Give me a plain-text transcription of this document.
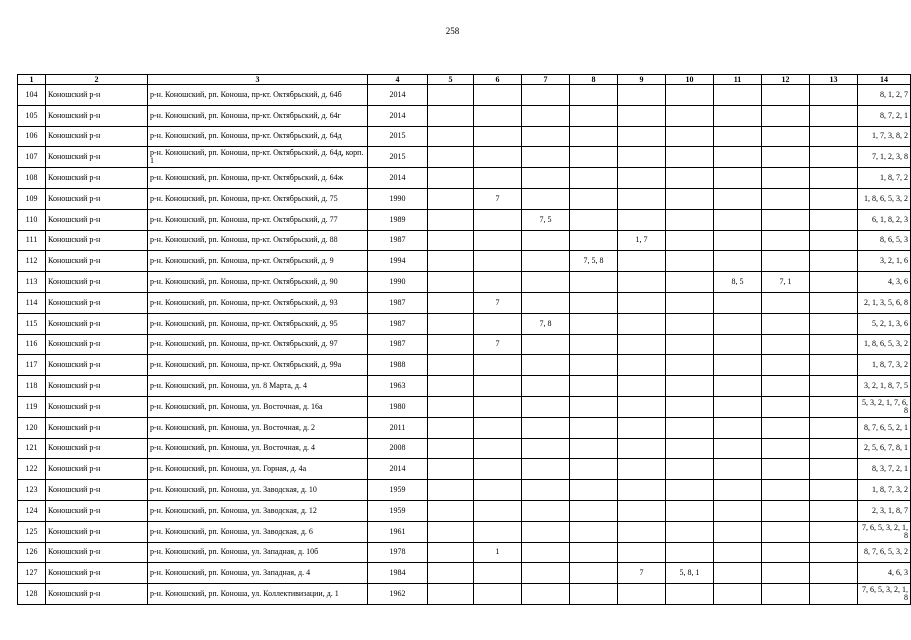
258
1	2	3	4	5	6	7	8	9	10	11	12	13	14
104	Коношский р-н	р-н. Коношский, рп. Коноша, пр-кт. Октябрьский, д. 64б	2014										8, 1, 2, 7
105	Коношский р-н	р-н. Коношский, рп. Коноша, пр-кт. Октябрьский, д. 64г	2014										8, 7, 2, 1
106	Коношский р-н	р-н. Коношский, рп. Коноша, пр-кт. Октябрьский, д. 64д	2015										1, 7, 3, 8, 2
107	Коношский р-н	р-н. Коношский, рп. Коноша, пр-кт. Октябрьский, д. 64д, корп. 1	2015										7, 1, 2, 3, 8
108	Коношский р-н	р-н. Коношский, рп. Коноша, пр-кт. Октябрьский, д. 64ж	2014										1, 8, 7, 2
109	Коношский р-н	р-н. Коношский, рп. Коноша, пр-кт. Октябрьский, д. 75	1990		7								1, 8, 6, 5, 3, 2
110	Коношский р-н	р-н. Коношский, рп. Коноша, пр-кт. Октябрьский, д. 77	1989			7, 5							6, 1, 8, 2, 3
111	Коношский р-н	р-н. Коношский, рп. Коноша, пр-кт. Октябрьский, д. 88	1987					1, 7					8, 6, 5, 3
112	Коношский р-н	р-н. Коношский, рп. Коноша, пр-кт. Октябрьский, д. 9	1994				7, 5, 8						3, 2, 1, 6
113	Коношский р-н	р-н. Коношский, рп. Коноша, пр-кт. Октябрьский, д. 90	1990							8, 5	7, 1		4, 3, 6
114	Коношский р-н	р-н. Коношский, рп. Коноша, пр-кт. Октябрьский, д. 93	1987		7								2, 1, 3, 5, 6, 8
115	Коношский р-н	р-н. Коношский, рп. Коноша, пр-кт. Октябрьский, д. 95	1987			7, 8							5, 2, 1, 3, 6
116	Коношский р-н	р-н. Коношский, рп. Коноша, пр-кт. Октябрьский, д. 97	1987		7								1, 8, 6, 5, 3, 2
117	Коношский р-н	р-н. Коношский, рп. Коноша, пр-кт. Октябрьский, д. 99а	1988										1, 8, 7, 3, 2
118	Коношский р-н	р-н. Коношский, рп. Коноша, ул. 8 Марта, д. 4	1963										3, 2, 1, 8, 7, 5
119	Коношский р-н	р-н. Коношский, рп. Коноша, ул. Восточная, д. 16а	1980										5, 3, 2, 1, 7, 6, 8
120	Коношский р-н	р-н. Коношский, рп. Коноша, ул. Восточная, д. 2	2011										8, 7, 6, 5, 2, 1
121	Коношский р-н	р-н. Коношский, рп. Коноша, ул. Восточная, д. 4	2008										2, 5, 6, 7, 8, 1
122	Коношский р-н	р-н. Коношский, рп. Коноша, ул. Горная, д. 4а	2014										8, 3, 7, 2, 1
123	Коношский р-н	р-н. Коношский, рп. Коноша, ул. Заводская, д. 10	1959										1, 8, 7, 3, 2
124	Коношский р-н	р-н. Коношский, рп. Коноша, ул. Заводская, д. 12	1959										2, 3, 1, 8, 7
125	Коношский р-н	р-н. Коношский, рп. Коноша, ул. Заводская, д. 6	1961										7, 6, 5, 3, 2, 1, 8
126	Коношский р-н	р-н. Коношский, рп. Коноша, ул. Западная, д. 10б	1978		1								8, 7, 6, 5, 3, 2
127	Коношский р-н	р-н. Коношский, рп. Коноша, ул. Западная, д. 4	1984					7	5, 8, 1				4, 6, 3
128	Коношский р-н	р-н. Коношский, рп. Коноша, ул. Коллективизации, д. 1	1962										7, 6, 5, 3, 2, 1, 8
